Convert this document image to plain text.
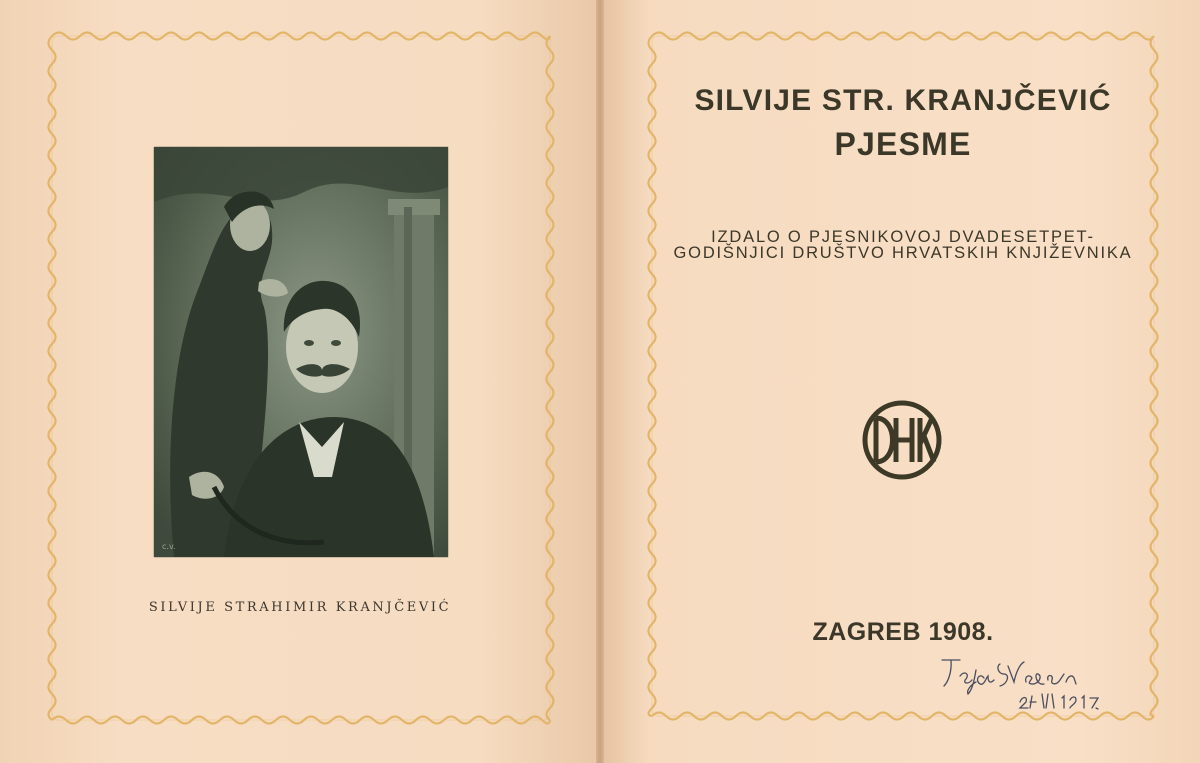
c.v.
SILVIJE STRAHIMIR KRANJČEVIĆ
SILVIJE STR. KRANJČEVIĆ
PJESME
IZDALO O PJESNIKOVOJ DVADESETPET-
GODIŠNJICI DRUŠTVO HRVATSKIH KNJIŽEVNIKA
ZAGREB 1908.
